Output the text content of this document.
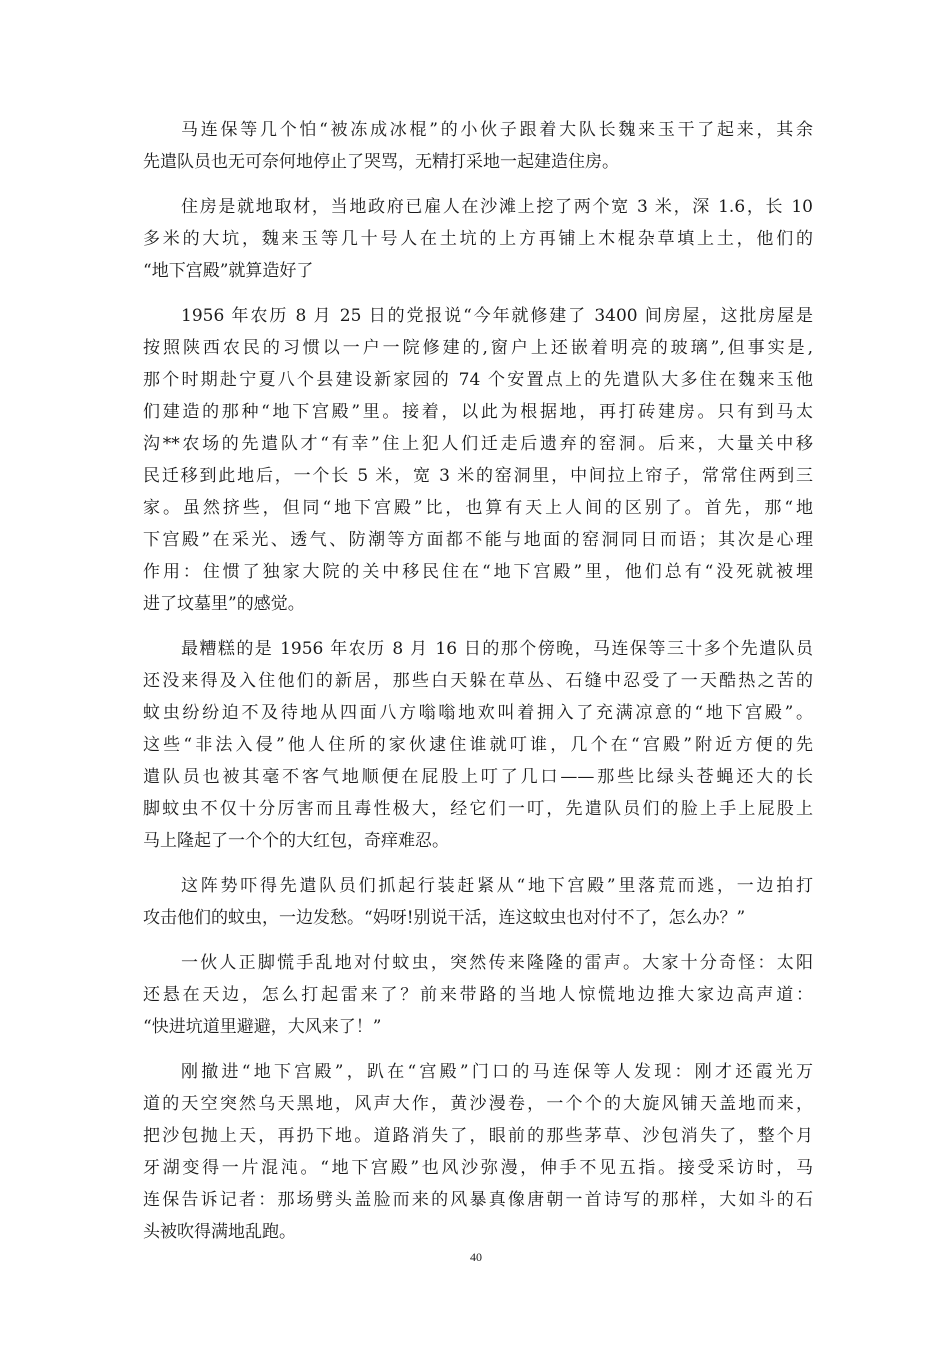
马连保等几个怕“被冻成冰棍”的小伙子跟着大队长魏来玉干了起来，其余
先遣队员也无可奈何地停止了哭骂，无精打采地一起建造住房。
住房是就地取材，当地政府已雇人在沙滩上挖了两个宽 3 米，深 1.6，长 10
多米的大坑，魏来玉等几十号人在土坑的上方再铺上木棍杂草填上土，他们的
“地下宫殿”就算造好了
1956 年农历 8 月 25 日的党报说“今年就修建了 3400 间房屋，这批房屋是
按照陕西农民的习惯以一户一院修建的,窗户上还嵌着明亮的玻璃”,但事实是,
那个时期赴宁夏八个县建设新家园的 74 个安置点上的先遣队大多住在魏来玉他
们建造的那种“地下宫殿”里。接着，以此为根据地，再打砖建房。只有到马太
沟**农场的先遣队才“有幸”住上犯人们迁走后遗弃的窑洞。后来，大量关中移
民迁移到此地后，一个长 5 米，宽 3 米的窑洞里，中间拉上帘子，常常住两到三
家。虽然挤些，但同“地下宫殿”比，也算有天上人间的区别了。首先，那“地
下宫殿”在采光、透气、防潮等方面都不能与地面的窑洞同日而语；其次是心理
作用：住惯了独家大院的关中移民住在“地下宫殿”里，他们总有“没死就被埋
进了坟墓里”的感觉。
最糟糕的是 1956 年农历 8 月 16 日的那个傍晚，马连保等三十多个先遣队员
还没来得及入住他们的新居，那些白天躲在草丛、石缝中忍受了一天酷热之苦的
蚊虫纷纷迫不及待地从四面八方嗡嗡地欢叫着拥入了充满凉意的“地下宫殿”。
这些“非法入侵”他人住所的家伙逮住谁就叮谁，几个在“宫殿”附近方便的先
遣队员也被其毫不客气地顺便在屁股上叮了几口——那些比绿头苍蝇还大的长
脚蚊虫不仅十分厉害而且毒性极大，经它们一叮，先遣队员们的脸上手上屁股上
马上隆起了一个个的大红包，奇痒难忍。
这阵势吓得先遣队员们抓起行装赶紧从“地下宫殿”里落荒而逃，一边拍打
攻击他们的蚊虫，一边发愁。“妈呀!别说干活，连这蚊虫也对付不了，怎么办？”
一伙人正脚慌手乱地对付蚊虫，突然传来隆隆的雷声。大家十分奇怪：太阳
还悬在天边，怎么打起雷来了？前来带路的当地人惊慌地边推大家边高声道：
“快进坑道里避避，大风来了！”
刚撤进“地下宫殿”，趴在“宫殿”门口的马连保等人发现：刚才还霞光万
道的天空突然乌天黑地，风声大作，黄沙漫卷，一个个的大旋风铺天盖地而来，
把沙包抛上天，再扔下地。道路消失了，眼前的那些茅草、沙包消失了，整个月
牙湖变得一片混沌。“地下宫殿”也风沙弥漫，伸手不见五指。接受采访时，马
连保告诉记者：那场劈头盖脸而来的风暴真像唐朝一首诗写的那样，大如斗的石
头被吹得满地乱跑。
40
